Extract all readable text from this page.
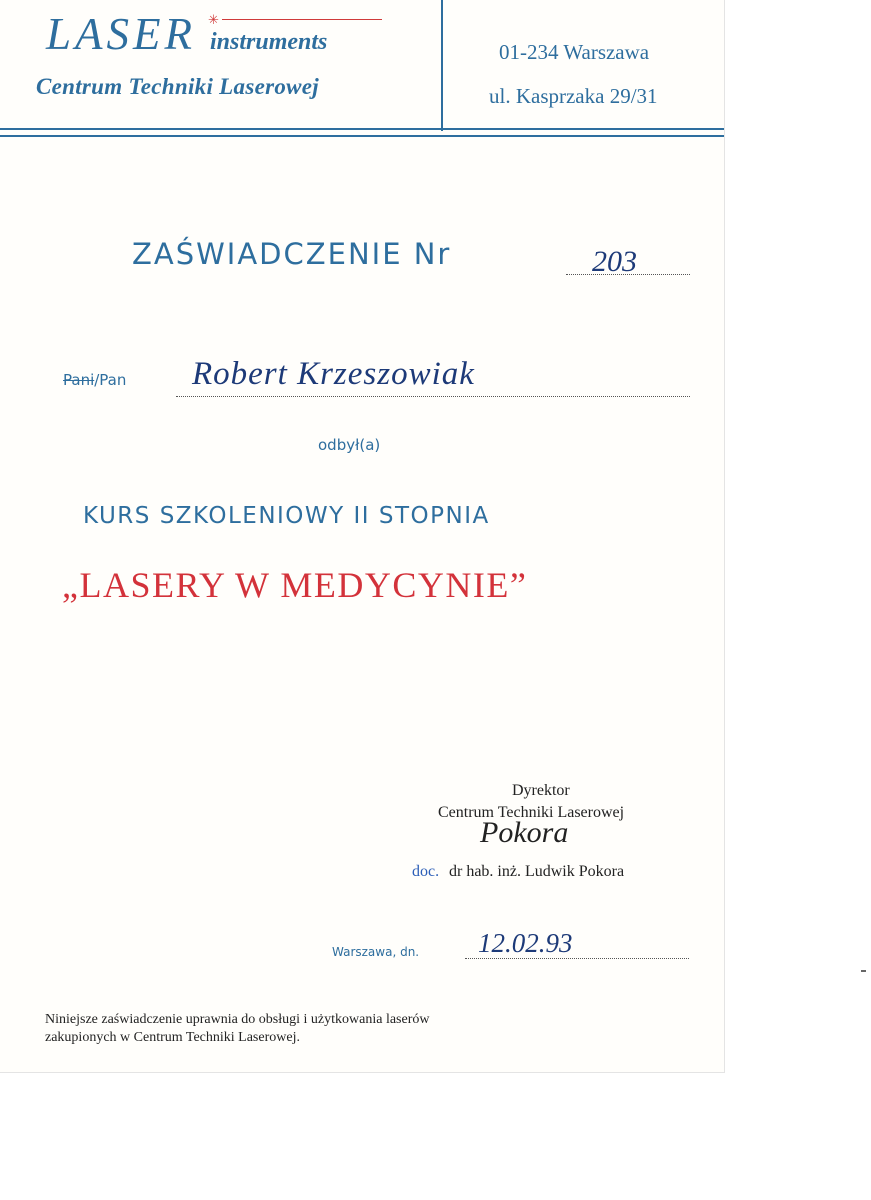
LASER ✳
instruments
Centrum Techniki Laserowej
01-234 Warszawa
ul. Kasprzaka 29/31
ZAŚWIADCZENIE Nr	203
Pani/Pan Robert Krzeszowiak
odbył(a)
KURS SZKOLENIOWY II STOPNIA
„LASERY W MEDYCYNIE”
Dyrektor
Centrum Techniki Laserowej
Pokora
doc. dr hab. inż. Ludwik Pokora
Warszawa, dn. 12.02.93
Niniejsze zaświadczenie uprawnia do obsługi i użytkowania laserów zakupionych w Centrum Techniki Laserowej.
